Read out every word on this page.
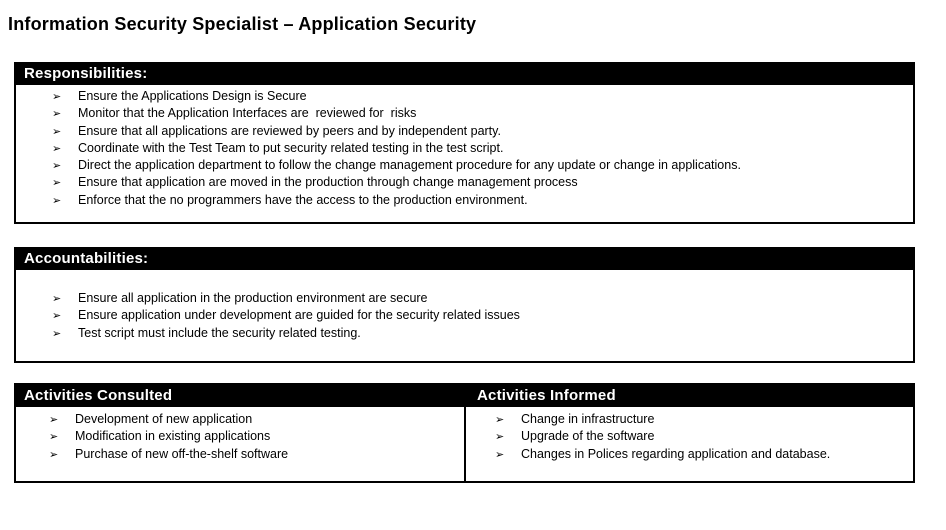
Information Security Specialist – Application Security
Responsibilities:
➢	Ensure the Applications Design is Secure
➢	Monitor that the Application Interfaces are  reviewed for  risks
➢	Ensure that all applications are reviewed by peers and by independent party.
➢	Coordinate with the Test Team to put security related testing in the test script.
➢	Direct the application department to follow the change management procedure for any update or change in applications.
➢	Ensure that application are moved in the production through change management process
➢	Enforce that the no programmers have the access to the production environment.
Accountabilities:
➢	Ensure all application in the production environment are secure
➢	Ensure application under development are guided for the security related issues
➢	Test script must include the security related testing.
Activities Consulted	Activities Informed
➢	Development of new application
➢	Modification in existing applications
➢	Purchase of new off-the-shelf software
➢	Change in infrastructure
➢	Upgrade of the software
➢	Changes in Polices regarding application and database.
